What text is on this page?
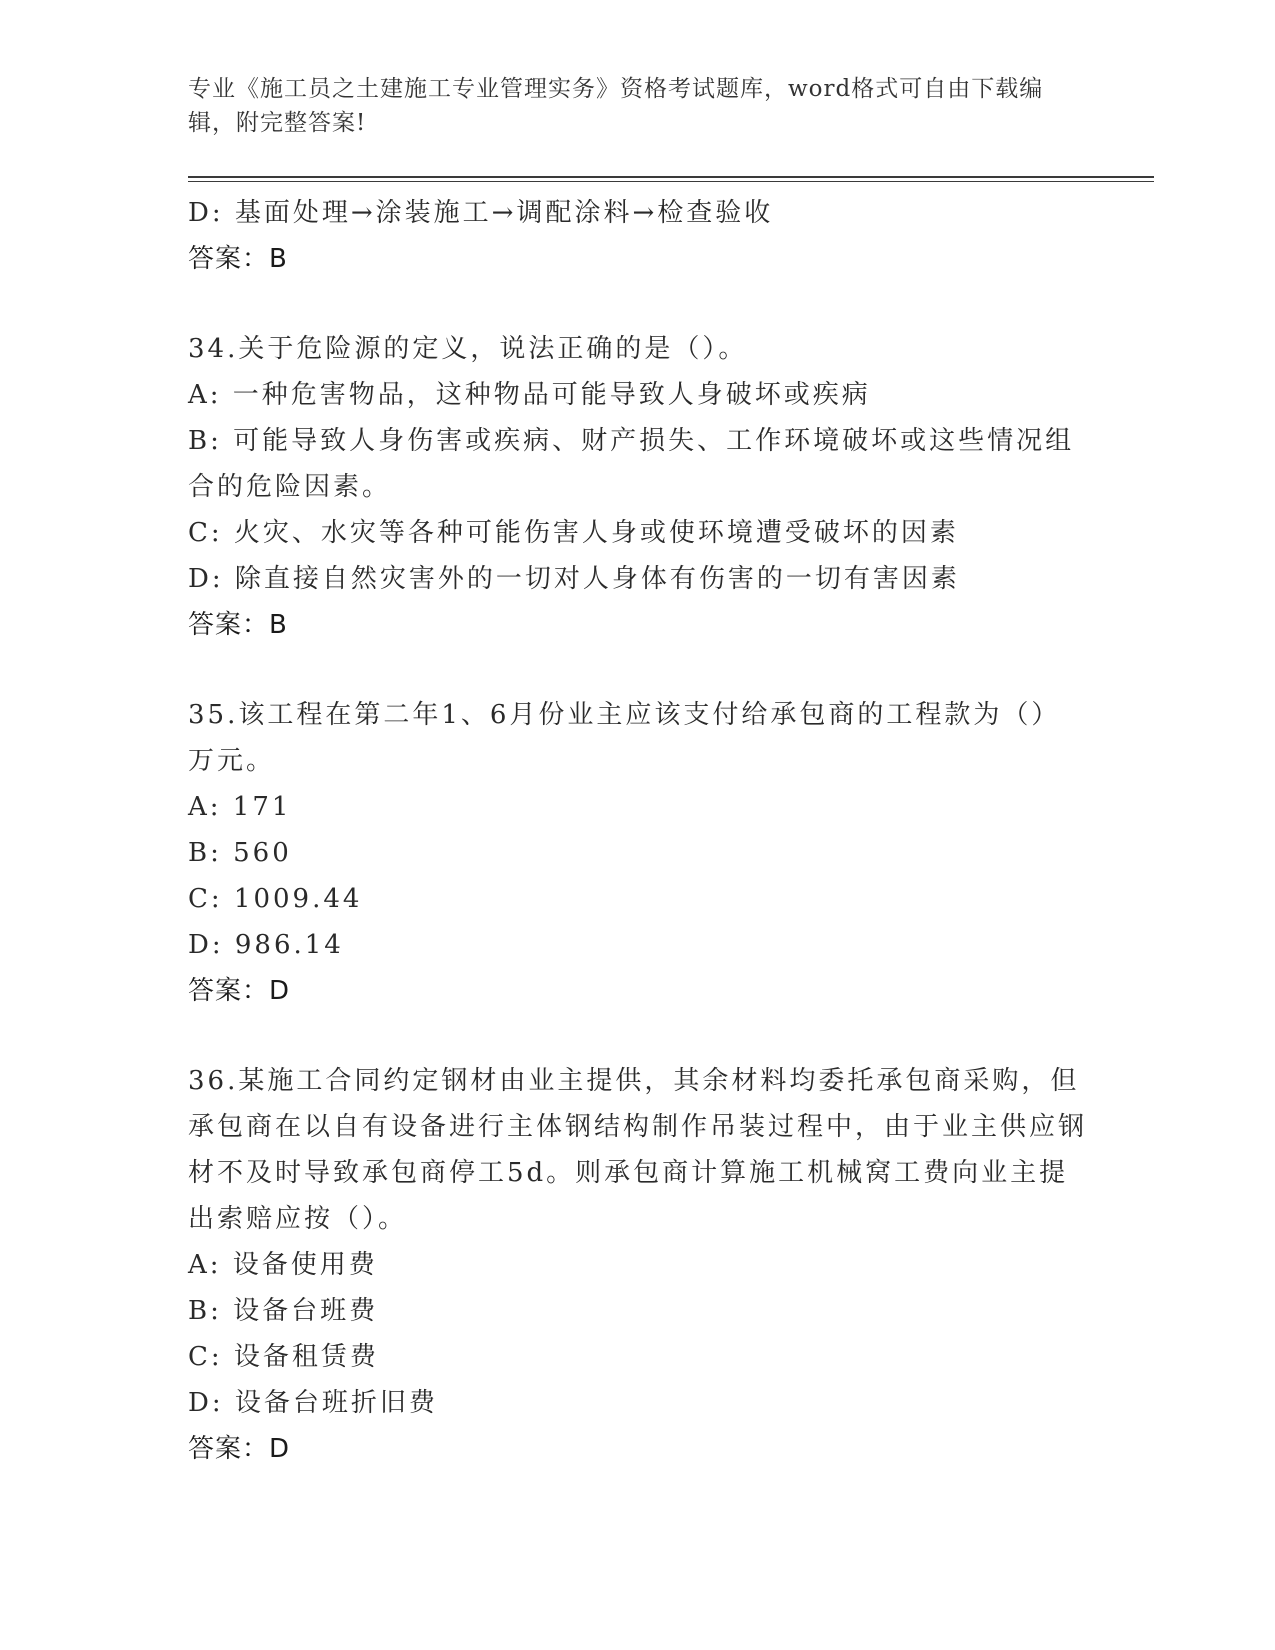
专业《施工员之土建施工专业管理实务》资格考试题库，word格式可自由下载编辑，附完整答案!
D: 基面处理→涂装施工→调配涂料→检查验收
答案：B
34.关于危险源的定义，说法正确的是（）。
A: 一种危害物品，这种物品可能导致人身破坏或疾病
B: 可能导致人身伤害或疾病、财产损失、工作环境破坏或这些情况组合的危险因素。
C: 火灾、水灾等各种可能伤害人身或使环境遭受破坏的因素
D: 除直接自然灾害外的一切对人身体有伤害的一切有害因素
答案：B
35.该工程在第二年1、6月份业主应该支付给承包商的工程款为（）万元。
A: 171
B: 560
C: 1009.44
D: 986.14
答案：D
36.某施工合同约定钢材由业主提供，其余材料均委托承包商采购，但承包商在以自有设备进行主体钢结构制作吊装过程中，由于业主供应钢材不及时导致承包商停工5d。则承包商计算施工机械窝工费向业主提出索赔应按（）。
A: 设备使用费
B: 设备台班费
C: 设备租赁费
D: 设备台班折旧费
答案：D
